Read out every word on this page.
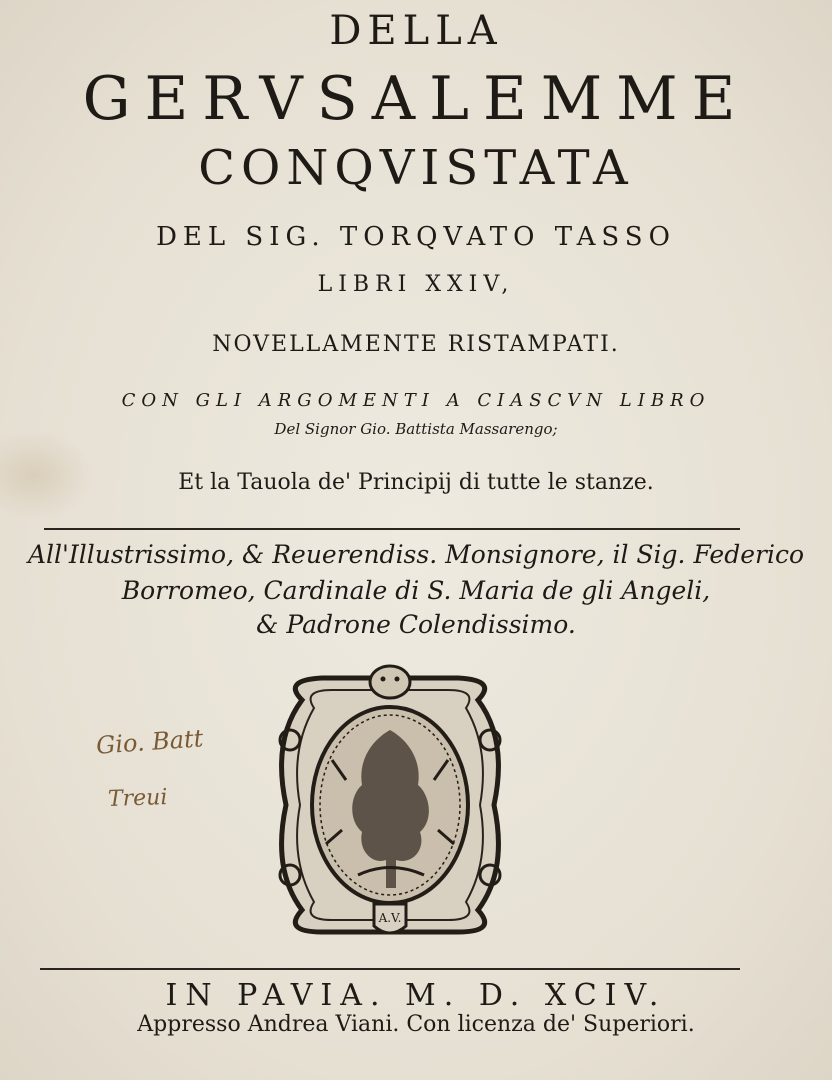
DELLA
GERVSALEMME
CONQVISTATA
DEL SIG. TORQVATO TASSO
LIBRI XXIV,
NOVELLAMENTE RISTAMPATI.
CON GLI ARGOMENTI A CIASCVN LIBRO
Del Signor Gio. Battista Massarengo;
Et la Tauola de' Principij di tutte le stanze.
All'Illustrissimo, & Reuerendiss. Monsignore, il Sig. Federico
Borromeo, Cardinale di S. Maria de gli Angeli,
& Padrone Colendissimo.
Gio. Batt
Treui
A.V.
IN PAVIA. M. D. XCIV.
Appresso Andrea Viani. Con licenza de' Superiori.
